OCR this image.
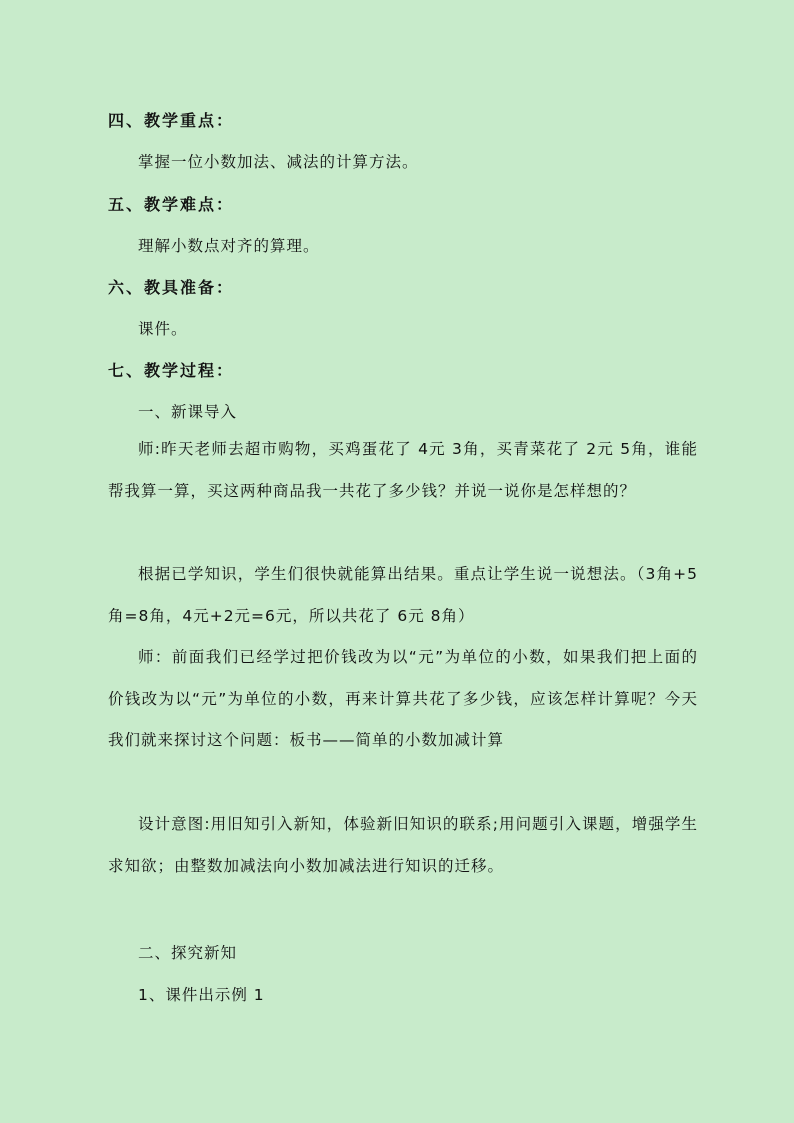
四、教学重点：
掌握一位小数加法、减法的计算方法。
五、教学难点：
理解小数点对齐的算理。
六、教具准备：
课件。
七、教学过程：
一、新课导入
师:昨天老师去超市购物，买鸡蛋花了 4元 3角，买青菜花了 2元 5角，谁能帮我算一算，买这两种商品我一共花了多少钱？并说一说你是怎样想的？
根据已学知识，学生们很快就能算出结果。重点让学生说一说想法。（3角+5角=8角，4元+2元=6元，所以共花了 6元 8角）
师：前面我们已经学过把价钱改为以“元”为单位的小数，如果我们把上面的价钱改为以“元”为单位的小数，再来计算共花了多少钱，应该怎样计算呢？今天我们就来探讨这个问题：板书——简单的小数加减计算
设计意图:用旧知引入新知，体验新旧知识的联系;用问题引入课题，增强学生求知欲；由整数加减法向小数加减法进行知识的迁移。
二、探究新知
1、课件出示例 1
